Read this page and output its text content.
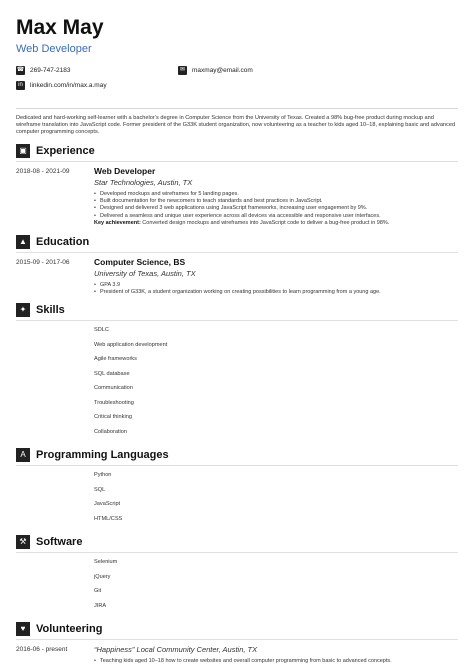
Max May
Web Developer
☎ 269-747-2183	✉	maxmay@email.com
in	linkedin.com/in/max.a.may
Dedicated and hard-working self-learner with a bachelor’s degree in Computer Science from the University of Texas. Created a 98% bug-free product during mockup and wireframe translation into JavaScript code. Former president of the G33K student organization, now volunteering as a teacher to kids aged 10–18, explaining basic and advanced computer programming concepts.
▣ Experience
2018-08 - 2021-09	Web Developer
Star Technologies, Austin, TX
• Developed mockups and wireframes for 5 landing pages.
• Built documentation for the newcomers to teach standards and best practices in JavaScript.
• Designed and delivered 3 web applications using JavaScript frameworks, increasing user engagement by 9%.
• Delivered a seamless and unique user experience across all devices via accessible and responsive user interfaces.
Key achievement: Converted design mockups and wireframes into JavaScript code to deliver a bug-free product in 98%.
▲ Education
2015-09 - 2017-06	Computer Science, BS
University of Texas, Austin, TX
• GPA 3.9
• President of G33K, a student organization working on creating possibilities to learn programming from a young age.
✦ Skills
SDLC
Web application development
Agile frameworks
SQL database
Communication
Troubleshooting
Critical thinking
Collaboration
A Programming Languages
Python
SQL
JavaScript
HTML/CSS
⚒ Software
Selenium
jQuery
Git
JIRA
♥ Volunteering
2016-06 - present	“Happiness” Local Community Center, Austin, TX
• Teaching kids aged 10–18 how to create websites and overall computer programming from basic to advanced concepts.
